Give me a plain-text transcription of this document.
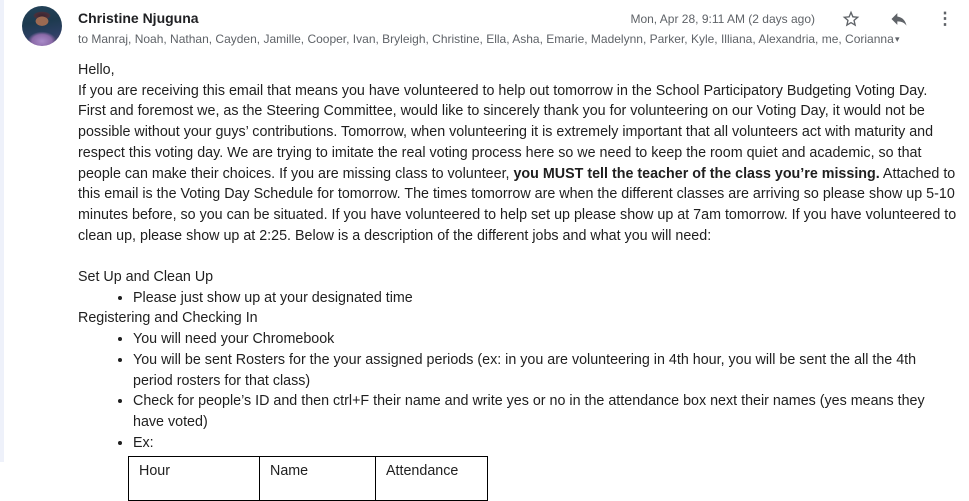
Christine Njuguna	Mon, Apr 28, 9:11 AM (2 days ago)	⋮
to Manraj, Noah, Nathan, Cayden, Jamille, Cooper, Ivan, Bryleigh, Christine, Ella, Asha, Emarie, Madelynn, Parker, Kyle, Illiana, Alexandria, me, Corianna ▾

Hello,

If you are receiving this email that means you have volunteered to help out tomorrow in the School Participatory Budgeting Voting Day. First and foremost we, as the Steering Committee, would like to sincerely thank you for volunteering on our Voting Day, it would not be possible without your guys’ contributions. Tomorrow, when volunteering it is extremely important that all volunteers act with maturity and respect this voting day. We are trying to imitate the real voting process here so we need to keep the room quiet and academic, so that people can make their choices. If you are missing class to volunteer, you MUST tell the teacher of the class you’re missing. Attached to this email is the Voting Day Schedule for tomorrow. The times tomorrow are when the different classes are arriving so please show up 5-10 minutes before, so you can be situated. If you have volunteered to help set up please show up at 7am tomorrow. If you have volunteered to clean up, please show up at 2:25. Below is a description of the different jobs and what you will need:

Set Up and Clean Up

• Please just show up at your designated time

Registering and Checking In

• You will need your Chromebook
• You will be sent Rosters for the your assigned periods (ex: in you are volunteering in 4th hour, you will be sent the all the 4th period rosters for that class)
• Check for people’s ID and then ctrl+F their name and write yes or no in the attendance box next their names (yes means they have voted)
• Ex:
Hour	Name	Attendance
